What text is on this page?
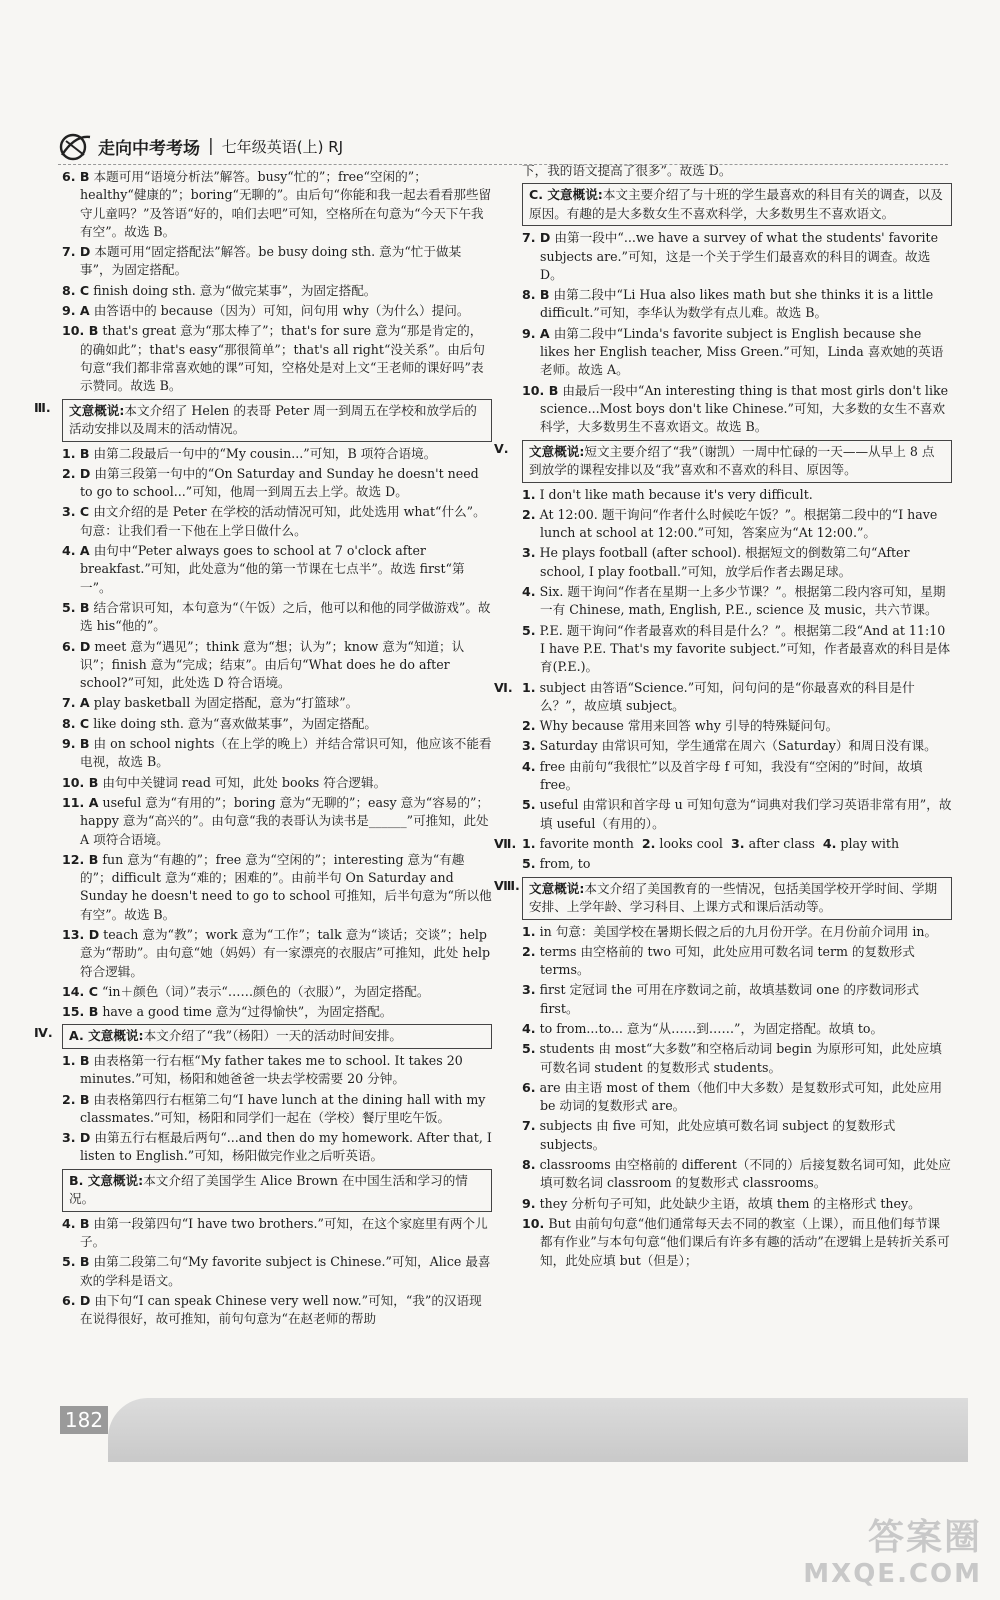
走向中考考场 | 七年级英语(上) RJ
6. B 本题可用“语境分析法”解答。busy“忙的”；free“空闲的”；healthy“健康的”；boring“无聊的”。由后句“你能和我一起去看看那些留守儿童吗？”及答语“好的，咱们去吧”可知，空格所在句意为“今天下午我有空”。故选 B。
7. D 本题可用“固定搭配法”解答。be busy doing sth. 意为“忙于做某事”，为固定搭配。
8. C finish doing sth. 意为“做完某事”，为固定搭配。
9. A 由答语中的 because（因为）可知，问句用 why（为什么）提问。
10. B that's great 意为“那太棒了”；that's for sure 意为“那是肯定的，的确如此”；that's easy“那很简单”；that's all right“没关系”。由后句句意“我们都非常喜欢她的课”可知，空格处是对上文“王老师的课好吗”表示赞同。故选 B。
Ⅲ.	文意概说:本文介绍了 Helen 的表哥 Peter 周一到周五在学校和放学后的活动安排以及周末的活动情况。
1. B 由第二段最后一句中的“My cousin...”可知，B 项符合语境。
2. D 由第三段第一句中的“On Saturday and Sunday he doesn't need to go to school...”可知，他周一到周五去上学。故选 D。
3. C 由文介绍的是 Peter 在学校的活动情况可知，此处选用 what“什么”。句意：让我们看一下他在上学日做什么。
4. A 由句中“Peter always goes to school at 7 o'clock after breakfast.”可知，此处意为“他的第一节课在七点半”。故选 first“第一”。
5. B 结合常识可知，本句意为“（午饭）之后，他可以和他的同学做游戏”。故选 his“他的”。
6. D meet 意为“遇见”；think 意为“想；认为”；know 意为“知道；认识”；finish 意为“完成；结束”。由后句“What does he do after school?”可知，此处选 D 符合语境。
7. A play basketball 为固定搭配，意为“打篮球”。
8. C like doing sth. 意为“喜欢做某事”，为固定搭配。
9. B 由 on school nights（在上学的晚上）并结合常识可知，他应该不能看电视，故选 B。
10. B 由句中关键词 read 可知，此处 books 符合逻辑。
11. A useful 意为“有用的”；boring 意为“无聊的”；easy 意为“容易的”；happy 意为“高兴的”。由句意“我的表哥认为读书是______”可推知，此处 A 项符合语境。
12. B fun 意为“有趣的”；free 意为“空闲的”；interesting 意为“有趣的”；difficult 意为“难的；困难的”。由前半句 On Saturday and Sunday he doesn't need to go to school 可推知，后半句意为“所以他有空”。故选 B。
13. D teach 意为“教”；work 意为“工作”；talk 意为“谈话；交谈”；help 意为“帮助”。由句意“她（妈妈）有一家漂亮的衣服店”可推知，此处 help 符合逻辑。
14. C “in＋颜色（词）”表示“……颜色的（衣服）”，为固定搭配。
15. B have a good time 意为“过得愉快”，为固定搭配。
Ⅳ.	A. 文意概说:本文介绍了“我”（杨阳）一天的活动时间安排。
1. B 由表格第一行右框“My father takes me to school. It takes 20 minutes.”可知，杨阳和她爸爸一块去学校需要 20 分钟。
2. B 由表格第四行右框第二句“I have lunch at the dining hall with my classmates.”可知，杨阳和同学们一起在（学校）餐厅里吃午饭。
3. D 由第五行右框最后两句“...and then do my homework. After that, I listen to English.”可知，杨阳做完作业之后听英语。
B. 文意概说:本文介绍了美国学生 Alice Brown 在中国生活和学习的情况。
4. B 由第一段第四句“I have two brothers.”可知，在这个家庭里有两个儿子。
5. B 由第二段第二句“My favorite subject is Chinese.”可知，Alice 最喜欢的学科是语文。
6. D 由下句“I can speak Chinese very well now.”可知，“我”的汉语现在说得很好，故可推知，前句句意为“在赵老师的帮助
下，我的语文提高了很多”。故选 D。
C. 文意概说:本文主要介绍了与十班的学生最喜欢的科目有关的调查，以及原因。有趣的是大多数女生不喜欢科学，大多数男生不喜欢语文。
7. D 由第一段中“...we have a survey of what the students' favorite subjects are.”可知，这是一个关于学生们最喜欢的科目的调查。故选 D。
8. B 由第二段中“Li Hua also likes math but she thinks it is a little difficult.”可知，李华认为数学有点儿难。故选 B。
9. A 由第二段中“Linda's favorite subject is English because she likes her English teacher, Miss Green.”可知，Linda 喜欢她的英语老师。故选 A。
10. B 由最后一段中“An interesting thing is that most girls don't like science...Most boys don't like Chinese.”可知，大多数的女生不喜欢科学，大多数男生不喜欢语文。故选 B。
Ⅴ.	文意概说:短文主要介绍了“我”（谢凯）一周中忙碌的一天——从早上 8 点到放学的课程安排以及“我”喜欢和不喜欢的科目、原因等。
1. I don't like math because it's very difficult.
2. At 12:00. 题干询问“作者什么时候吃午饭？”。根据第二段中的“I have lunch at school at 12:00.”可知，答案应为“At 12:00.”。
3. He plays football (after school). 根据短文的倒数第二句“After school, I play football.”可知，放学后作者去踢足球。
4. Six. 题干询问“作者在星期一上多少节课？”。根据第二段内容可知，星期一有 Chinese, math, English, P.E., science 及 music，共六节课。
5. P.E. 题干询问“作者最喜欢的科目是什么？”。根据第二段“And at 11:10 I have P.E. That's my favorite subject.”可知，作者最喜欢的科目是体育(P.E.)。
Ⅵ. 1. subject 由答语“Science.”可知，问句问的是“你最喜欢的科目是什么？”，故应填 subject。
2. Why because 常用来回答 why 引导的特殊疑问句。
3. Saturday 由常识可知，学生通常在周六（Saturday）和周日没有课。
4. free 由前句“我很忙”以及首字母 f 可知，我没有“空闲的”时间，故填 free。
5. useful 由常识和首字母 u 可知句意为“词典对我们学习英语非常有用”，故填 useful（有用的）。
Ⅶ. 1. favorite month 2. looks cool 3. after class 4. play with
5. from, to
Ⅷ. 文意概说:本文介绍了美国教育的一些情况，包括美国学校开学时间、学期安排、上学年龄、学习科目、上课方式和课后活动等。
1. in 句意：美国学校在暑期长假之后的九月份开学。在月份前介词用 in。
2. terms 由空格前的 two 可知，此处应用可数名词 term 的复数形式 terms。
3. first 定冠词 the 可用在序数词之前，故填基数词 one 的序数词形式 first。
4. to from...to... 意为“从……到……”，为固定搭配。故填 to。
5. students 由 most“大多数”和空格后动词 begin 为原形可知，此处应填可数名词 student 的复数形式 students。
6. are 由主语 most of them（他们中大多数）是复数形式可知，此处应用 be 动词的复数形式 are。
7. subjects 由 five 可知，此处应填可数名词 subject 的复数形式 subjects。
8. classrooms 由空格前的 different（不同的）后接复数名词可知，此处应填可数名词 classroom 的复数形式 classrooms。
9. they 分析句子可知，此处缺少主语，故填 them 的主格形式 they。
10. But 由前句句意“他们通常每天去不同的教室（上课），而且他们每节课都有作业”与本句句意“他们课后有许多有趣的活动”在逻辑上是转折关系可知，此处应填 but（但是）；
182
答案圈
MXQE.COM
